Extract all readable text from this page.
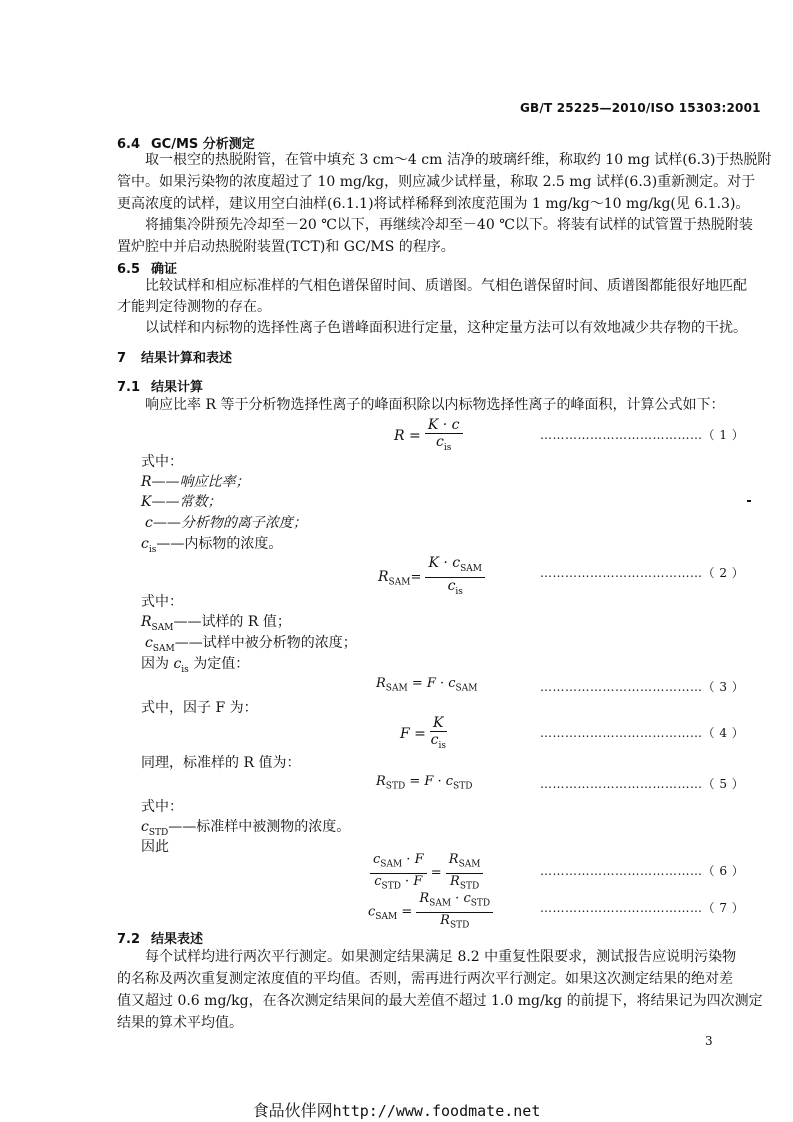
GB/T 25225—2010/ISO 15303:2001
6.4 GC/MS 分析测定
取一根空的热脱附管，在管中填充 3 cm～4 cm 洁净的玻璃纤维，称取约 10 mg 试样(6.3)于热脱附
管中。如果污染物的浓度超过了 10 mg/kg，则应减少试样量，称取 2.5 mg 试样(6.3)重新测定。对于
更高浓度的试样，建议用空白油样(6.1.1)将试样稀释到浓度范围为 1 mg/kg～10 mg/kg(见 6.1.3)。
将捕集冷阱预先冷却至－20 ℃以下，再继续冷却至－40 ℃以下。将装有试样的试管置于热脱附装
置炉腔中并启动热脱附装置(TCT)和 GC/MS 的程序。
6.5 确证
比较试样和相应标准样的气相色谱保留时间、质谱图。气相色谱保留时间、质谱图都能很好地匹配
才能判定待测物的存在。
以试样和内标物的选择性离子色谱峰面积进行定量，这种定量方法可以有效地减少共存物的干扰。
7 结果计算和表述
7.1 结果计算
响应比率 R 等于分析物选择性离子的峰面积除以内标物选择性离子的峰面积，计算公式如下：
$R = \frac{K \cdot c}{c_{is}}$	…………………………………（ 1 ）
式中：
R——响应比率；
K——常数；
c——分析物的离子浓度；
$c_{is}——$内标物的浓度。
$R_{SAM}= \frac{K \cdot c_{SAM}}{c_{is}}$	…………………………………（ 2 ）
式中：
$R_{SAM}——$试样的 R 值；
$c_{SAM}——$试样中被分析物的浓度；
因为 $c_{is}$ 为定值：
$R_{SAM} = F \cdot c_{SAM}$	…………………………………（ 3 ）
式中，因子 F 为：
$F = \frac{K}{c_{is}}$	…………………………………（ 4 ）
同理，标准样的 R 值为：
$R_{STD} = F \cdot c_{STD}$	…………………………………（ 5 ）
式中：
$c_{STD}——$标准样中被测物的浓度。
因此
$\frac{c_{SAM} \cdot F}{c_{STD} \cdot F} = \frac{R_{SAM}}{R_{STD}}$	…………………………………（ 6 ）
$c_{SAM} = \frac{R_{SAM} \cdot c_{STD}}{R_{STD}}$	…………………………………（ 7 ）
7.2 结果表述
每个试样均进行两次平行测定。如果测定结果满足 8.2 中重复性限要求，测试报告应说明污染物
的名称及两次重复测定浓度值的平均值。否则，需再进行两次平行测定。如果这次测定结果的绝对差
值又超过 0.6 mg/kg，在各次测定结果间的最大差值不超过 1.0 mg/kg 的前提下，将结果记为四次测定
结果的算术平均值。
3
食品伙伴网http://www.foodmate.net
